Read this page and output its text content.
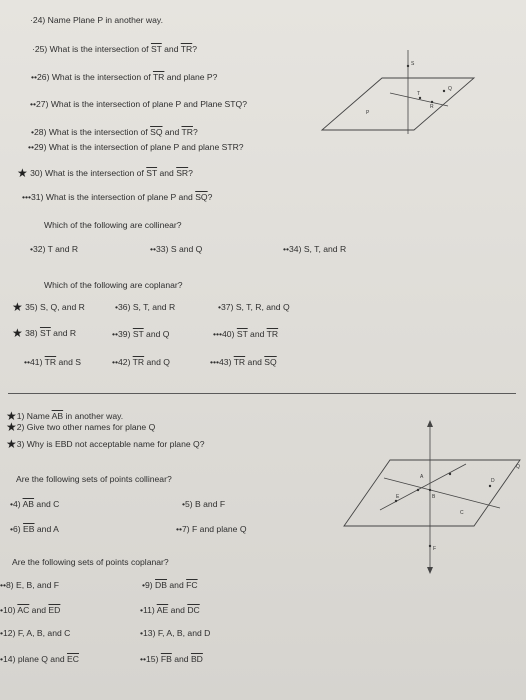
·24) Name Plane P in another way.
·25) What is the intersection of $\overline{ST}$ and $\overline{TR}$?
••26) What is the intersection of $\overline{TR}$ and plane P?
••27) What is the intersection of plane P and Plane STQ?
•28) What is the intersection of $\overline{SQ}$ and $\overline{TR}$?
••29) What is the intersection of plane P and plane STR?
★ 30) What is the intersection of $\overline{ST}$ and $\overline{SR}$?
•••31) What is the intersection of plane P and $\overline{SQ}$?
Which of the following are collinear?
•32) T and R	••33) S and Q	••34) S, T, and R
Which of the following are coplanar?
★ 35) S, Q, and R	•36) S, T, and R	•37) S, T, R, and Q
★ 38) $\overline{ST}$ and R	••39) $\overline{ST}$ and Q	•••40) $\overline{ST}$ and $\overline{TR}$
••41) $\overline{TR}$ and S	••42) $\overline{TR}$ and Q	•••43) $\overline{TR}$ and $\overline{SQ}$
S
T
R
Q
P
★1) Name $\overline{AB}$ in another way.
★2) Give two other names for plane Q
★3) Why is EBD not acceptable name for plane Q?
Are the following sets of points collinear?
•4) $\overline{AB}$ and C	•5) B and F
•6) $\overline{EB}$ and A	••7) F and plane Q
Are the following sets of points coplanar?
••8) E, B, and F	•9) $\overline{DB}$ and $\overline{FC}$
•10) $\overline{AC}$ and $\overline{ED}$	•11) $\overline{AE}$ and $\overline{DC}$
•12) F, A, B, and C	•13) F, A, B, and D
•14) plane Q and $\overline{EC}$	••15) $\overline{FB}$ and $\overline{BD}$
A
B
C
D
E
F
Q
